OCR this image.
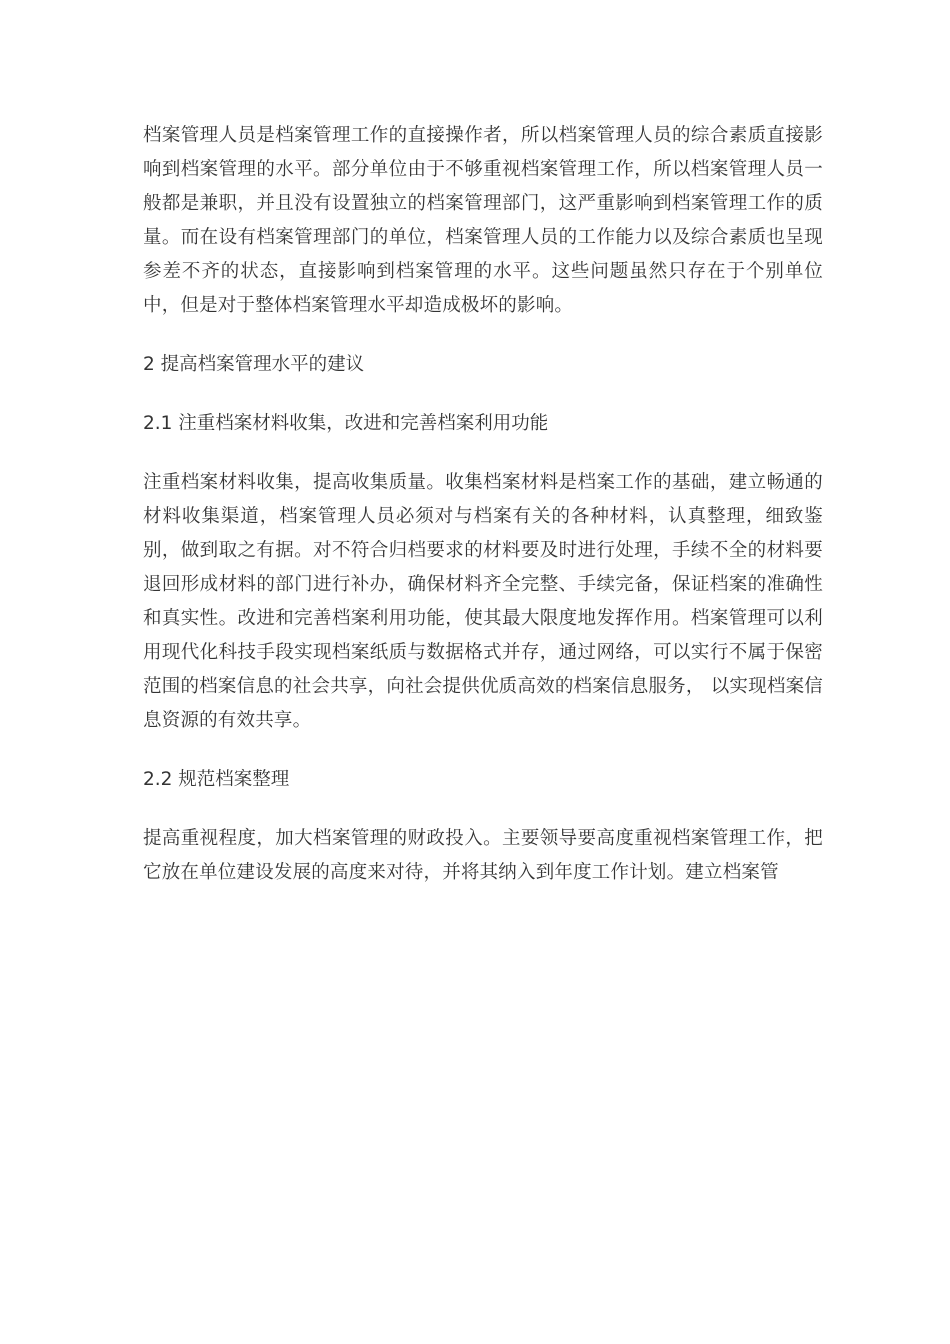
档案管理人员是档案管理工作的直接操作者，所以档案管理人员的综合素质直接影响到档案管理的水平。部分单位由于不够重视档案管理工作，所以档案管理人员一般都是兼职，并且没有设置独立的档案管理部门，这严重影响到档案管理工作的质量。而在设有档案管理部门的单位，档案管理人员的工作能力以及综合素质也呈现参差不齐的状态，直接影响到档案管理的水平。这些问题虽然只存在于个别单位中，但是对于整体档案管理水平却造成极坏的影响。

2 提高档案管理水平的建议

2.1 注重档案材料收集，改进和完善档案利用功能

注重档案材料收集，提高收集质量。收集档案材料是档案工作的基础，建立畅通的材料收集渠道，档案管理人员必须对与档案有关的各种材料，认真整理，细致鉴别，做到取之有据。对不符合归档要求的材料要及时进行处理，手续不全的材料要退回形成材料的部门进行补办，确保材料齐全完整、手续完备，保证档案的准确性和真实性。改进和完善档案利用功能，使其最大限度地发挥作用。档案管理可以利用现代化科技手段实现档案纸质与数据格式并存，通过网络，可以实行不属于保密范围的档案信息的社会共享，向社会提供优质高效的档案信息服务， 以实现档案信息资源的有效共享。

2.2 规范档案整理

提高重视程度，加大档案管理的财政投入。主要领导要高度重视档案管理工作，把它放在单位建设发展的高度来对待，并将其纳入到年度工作计划。建立档案管
